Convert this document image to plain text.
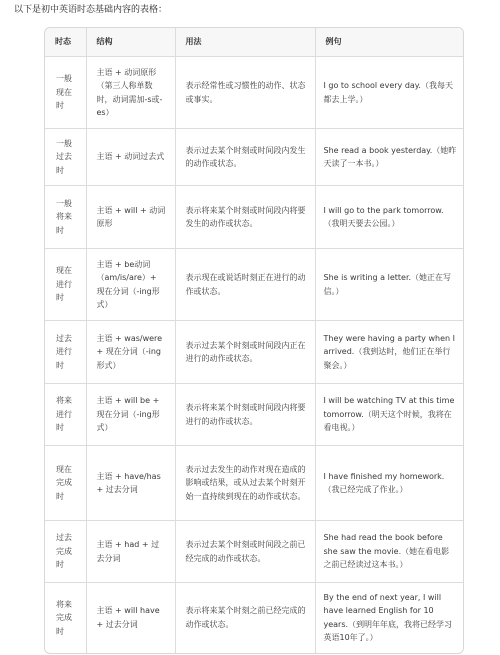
以下是初中英语时态基础内容的表格：
时态	结构	用法	例句
一般现在时	主语 + 动词原形（第三人称单数时，动词需加-s或-es）	表示经常性或习惯性的动作、状态或事实。	I go to school every day.（我每天都去上学。）
一般过去时	主语 + 动词过去式	表示过去某个时刻或时间段内发生的动作或状态。	She read a book yesterday.（她昨天读了一本书。）
一般将来时	主语 + will + 动词原形	表示将来某个时刻或时间段内将要发生的动作或状态。	I will go to the park tomorrow.（我明天要去公园。）
现在进行时	主语 + be动词（am/is/are）+ 现在分词（-ing形式）	表示现在或说话时刻正在进行的动作或状态。	She is writing a letter.（她正在写信。）
过去进行时	主语 + was/were + 现在分词（-ing形式）	表示过去某个时刻或时间段内正在进行的动作或状态。	They were having a party when I arrived.（我到达时，他们正在举行聚会。）
将来进行时	主语 + will be + 现在分词（-ing形式）	表示将来某个时刻或时间段内将要进行的动作或状态。	I will be watching TV at this time tomorrow.（明天这个时候，我将在看电视。）
现在完成时	主语 + have/has + 过去分词	表示过去发生的动作对现在造成的影响或结果，或从过去某个时刻开始一直持续到现在的动作或状态。	I have finished my homework.（我已经完成了作业。）
过去完成时	主语 + had + 过去分词	表示过去某个时刻或时间段之前已经完成的动作或状态。	She had read the book before she saw the movie.（她在看电影之前已经读过这本书。）
将来完成时	主语 + will have + 过去分词	表示将来某个时刻之前已经完成的动作或状态。	By the end of next year, I will have learned English for 10 years.（到明年年底，我将已经学习英语10年了。）
